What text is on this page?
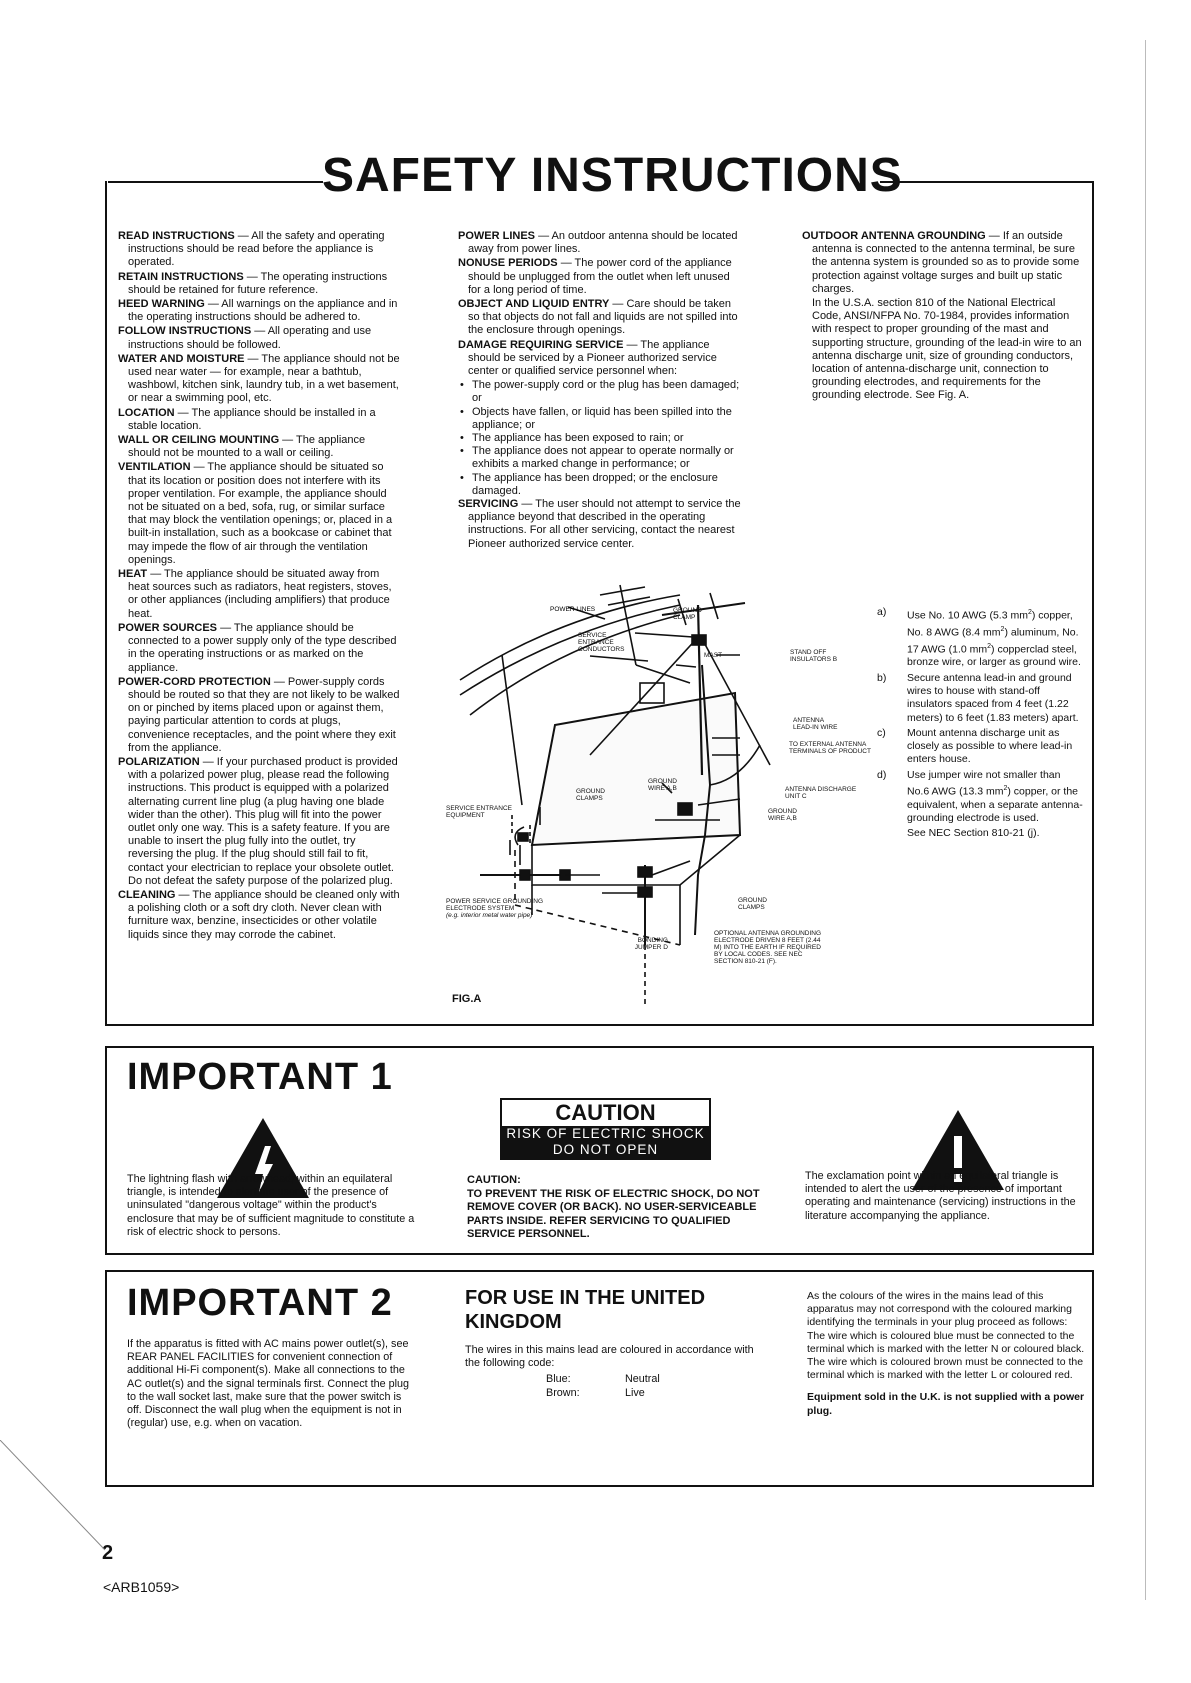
SAFETY INSTRUCTIONS

READ INSTRUCTIONS — All the safety and operating instructions should be read before the appliance is operated.

RETAIN INSTRUCTIONS — The operating instructions should be retained for future reference.

HEED WARNING — All warnings on the appliance and in the operating instructions should be adhered to.

FOLLOW INSTRUCTIONS — All operating and use instructions should be followed.

WATER AND MOISTURE — The appliance should not be used near water — for example, near a bathtub, washbowl, kitchen sink, laundry tub, in a wet basement, or near a swimming pool, etc.

LOCATION — The appliance should be installed in a stable location.

WALL OR CEILING MOUNTING — The appliance should not be mounted to a wall or ceiling.

VENTILATION — The appliance should be situated so that its location or position does not interfere with its proper ventilation. For example, the appliance should not be situated on a bed, sofa, rug, or similar surface that may block the ventilation openings; or, placed in a built-in installation, such as a bookcase or cabinet that may impede the flow of air through the ventilation openings.

HEAT — The appliance should be situated away from heat sources such as radiators, heat registers, stoves, or other appliances (including amplifiers) that produce heat.

POWER SOURCES — The appliance should be connected to a power supply only of the type described in the operating instructions or as marked on the appliance.

POWER-CORD PROTECTION — Power-supply cords should be routed so that they are not likely to be walked on or pinched by items placed upon or against them, paying particular attention to cords at plugs, convenience receptacles, and the point where they exit from the appliance.

POLARIZATION — If your purchased product is provided with a polarized power plug, please read the following instructions. This product is equipped with a polarized alternating current line plug (a plug having one blade wider than the other). This plug will fit into the power outlet only one way. This is a safety feature. If you are unable to insert the plug fully into the outlet, try reversing the plug. If the plug should still fail to fit, contact your electrician to replace your obsolete outlet. Do not defeat the safety purpose of the polarized plug.

CLEANING — The appliance should be cleaned only with a polishing cloth or a soft dry cloth. Never clean with furniture wax, benzine, insecticides or other volatile liquids since they may corrode the cabinet.

POWER LINES — An outdoor antenna should be located away from power lines.

NONUSE PERIODS — The power cord of the appliance should be unplugged from the outlet when left unused for a long period of time.

OBJECT AND LIQUID ENTRY — Care should be taken so that objects do not fall and liquids are not spilled into the enclosure through openings.

DAMAGE REQUIRING SERVICE — The appliance should be serviced by a Pioneer authorized service center or qualified service personnel when:

• The power-supply cord or the plug has been damaged; or
• Objects have fallen, or liquid has been spilled into the appliance; or
• The appliance has been exposed to rain; or
• The appliance does not appear to operate normally or exhibits a marked change in performance; or
• The appliance has been dropped; or the enclosure damaged.

SERVICING — The user should not attempt to service the appliance beyond that described in the operating instructions. For all other servicing, contact the nearest Pioneer authorized service center.

OUTDOOR ANTENNA GROUNDING — If an outside antenna is connected to the antenna terminal, be sure the antenna system is grounded so as to provide some protection against voltage surges and built up static charges.

In the U.S.A. section 810 of the National Electrical Code, ANSI/NFPA No. 70-1984, provides information with respect to proper grounding of the mast and supporting structure, grounding of the lead-in wire to an antenna discharge unit, size of grounding conductors, location of antenna-discharge unit, connection to grounding electrodes, and requirements for the grounding electrode. See Fig. A.

a) Use No. 10 AWG (5.3 $mm^2$) copper, No. 8 AWG (8.4 $mm^2$) aluminum, No. 17 AWG (1.0 $mm^2$) copperclad steel, bronze wire, or larger as ground wire.
b) Secure antenna lead-in and ground wires to house with stand-off insulators spaced from 4 feet (1.22 meters) to 6 feet (1.83 meters) apart.
c) Mount antenna discharge unit as closely as possible to where lead-in enters house.
d) Use jumper wire not smaller than No.6 AWG (13.3 $mm^2$) copper, or the equivalent, when a separate antenna-grounding electrode is used.
See NEC Section 810-21 (j).
POWER LINES
SERVICE ENTRANCE CONDUCTORS
GROUND CLAMP
MAST	STAND OFF INSULATORS B
ANTENNA LEAD-IN WIRE
TO EXTERNAL ANTENNA TERMINALS OF PRODUCT
GROUND WIRE A,B
GROUND CLAMPS
ANTENNA DISCHARGE UNIT C
GROUND WIRE A,B
SERVICE ENTRANCE EQUIPMENT
POWER SERVICE GROUNDING ELECTRODE SYSTEM
(e.g. interior metal water pipe)
GROUND CLAMPS
BONDING JUMPER D
OPTIONAL ANTENNA GROUNDING ELECTRODE DRIVEN 8 FEET (2.44 M) INTO THE EARTH IF REQUIRED BY LOCAL CODES. SEE NEC SECTION 810-21 (F).
FIG.A
IMPORTANT 1
The lightning flash with arrowhead, within an equilateral triangle, is intended to alert the user of the presence of uninsulated "dangerous voltage" within the product's enclosure that may be of sufficient magnitude to constitute a risk of electric shock to persons.
CAUTION
RISK OF ELECTRIC SHOCK
DO NOT OPEN
CAUTION:
TO PREVENT THE RISK OF ELECTRIC SHOCK, DO NOT REMOVE COVER (OR BACK). NO USER-SERVICEABLE PARTS INSIDE. REFER SERVICING TO QUALIFIED SERVICE PERSONNEL.
The exclamation point within an equilateral triangle is intended to alert the user of the presence of important operating and maintenance (servicing) instructions in the literature accompanying the appliance.
IMPORTANT 2
If the apparatus is fitted with AC mains power outlet(s), see REAR PANEL FACILITIES for convenient connection of additional Hi-Fi component(s). Make all connections to the AC outlet(s) and the signal terminals first. Connect the plug to the wall socket last, make sure that the power switch is off. Disconnect the wall plug when the equipment is not in (regular) use, e.g. when on vacation.
FOR USE IN THE UNITED
KINGDOM
The wires in this mains lead are coloured in accordance with the following code:
Blue:	Neutral
Brown:	Live
As the colours of the wires in the mains lead of this apparatus may not correspond with the coloured marking identifying the terminals in your plug proceed as follows:
The wire which is coloured blue must be connected to the terminal which is marked with the letter N or coloured black.
The wire which is coloured brown must be connected to the terminal which is marked with the letter L or coloured red.
Equipment sold in the U.K. is not supplied with a power plug.
2
<ARB1059>
